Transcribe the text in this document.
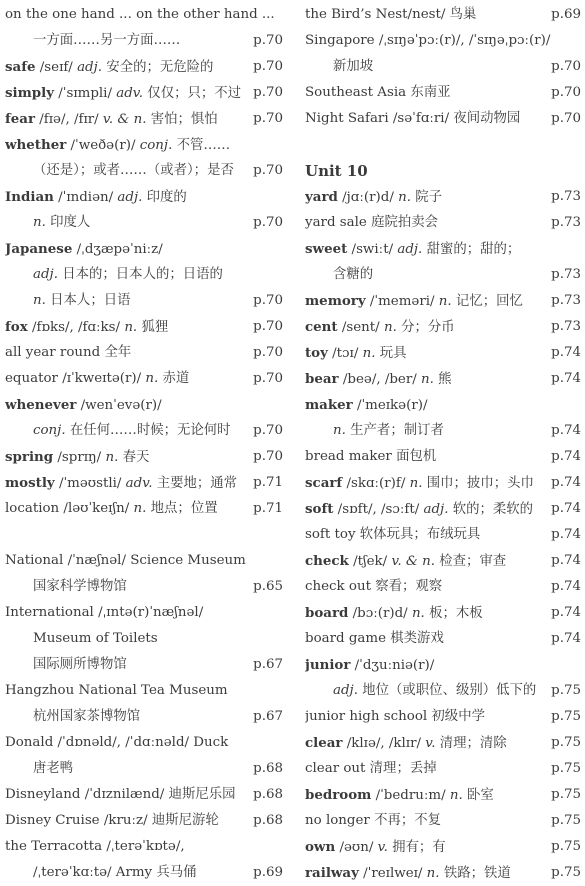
on the one hand ... on the other hand ...
一方面……另一方面……	p.70
safe /seɪf/ adj. 安全的；无危险的	p.70
simply /ˈsɪmpli/ adv. 仅仅；只；不过 p.70
fear /fɪə/, /fɪr/ v. & n. 害怕；惧怕	p.70
whether /ˈweðə(r)/ conj. 不管……
（还是）；或者……（或者）；是否 p.70
Indian /ˈɪndiən/ adj. 印度的
n. 印度人	p.70
Japanese /ˌdʒæpəˈniːz/
adj. 日本的；日本人的；日语的
n. 日本人；日语	p.70
fox /fɒks/, /fɑːks/ n. 狐狸	p.70
all year round 全年	p.70
equator /ɪˈkweɪtə(r)/ n. 赤道	p.70
whenever /wenˈevə(r)/
conj. 在任何……时候；无论何时 p.70
spring /sprɪŋ/ n. 春天	p.70
mostly /ˈməʊstli/ adv. 主要地；通常 p.71
location /ləʊˈkeɪʃn/ n. 地点；位置	p.71
National /ˈnæʃnəl/ Science Museum
国家科学博物馆	p.65
International /ˌɪntə(r)ˈnæʃnəl/
Museum of Toilets
国际厕所博物馆	p.67
Hangzhou National Tea Museum
杭州国家茶博物馆	p.67
Donald /ˈdɒnəld/, /ˈdɑːnəld/ Duck
唐老鸭	p.68
Disneyland /ˈdɪznilænd/ 迪斯尼乐园 p.68
Disney Cruise /kruːz/ 迪斯尼游轮	p.68
the Terracotta /ˌterəˈkɒtə/,
/ˌterəˈkɑːtə/ Army 兵马俑	p.69
the Bird’s Nest/nest/ 鸟巢	p.69
Singapore /ˌsɪŋəˈpɔː(r)/, /ˈsɪŋəˌpɔː(r)/
新加坡	p.70
Southeast Asia 东南亚	p.70
Night Safari /səˈfɑːri/ 夜间动物园 p.70
Unit 10
yard /jɑː(r)d/ n. 院子	p.73
yard sale 庭院拍卖会	p.73
sweet /swiːt/ adj. 甜蜜的；甜的；
含糖的	p.73
memory /ˈmeməri/ n. 记忆；回忆 p.73
cent /sent/ n. 分；分币	p.73
toy /tɔɪ/ n. 玩具	p.74
bear /beə/, /ber/ n. 熊	p.74
maker /ˈmeɪkə(r)/
n. 生产者；制订者	p.74
bread maker 面包机	p.74
scarf /skɑː(r)f/ n. 围巾；披巾；头巾 p.74
soft /sɒft/, /sɔːft/ adj. 软的；柔软的 p.74
soft toy 软体玩具；布绒玩具	p.74
check /tʃek/ v. & n. 检查；审查	p.74
check out 察看；观察	p.74
board /bɔː(r)d/ n. 板；木板	p.74
board game 棋类游戏	p.74
junior /ˈdʒuːniə(r)/
adj. 地位（或职位、级别）低下的 p.75
junior high school 初级中学	p.75
clear /klɪə/, /klɪr/ v. 清理；清除	p.75
clear out 清理；丢掉	p.75
bedroom /ˈbedruːm/ n. 卧室	p.75
no longer 不再；不复	p.75
own /əʊn/ v. 拥有；有	p.75
railway /ˈreɪlweɪ/ n. 铁路；铁道	p.75
